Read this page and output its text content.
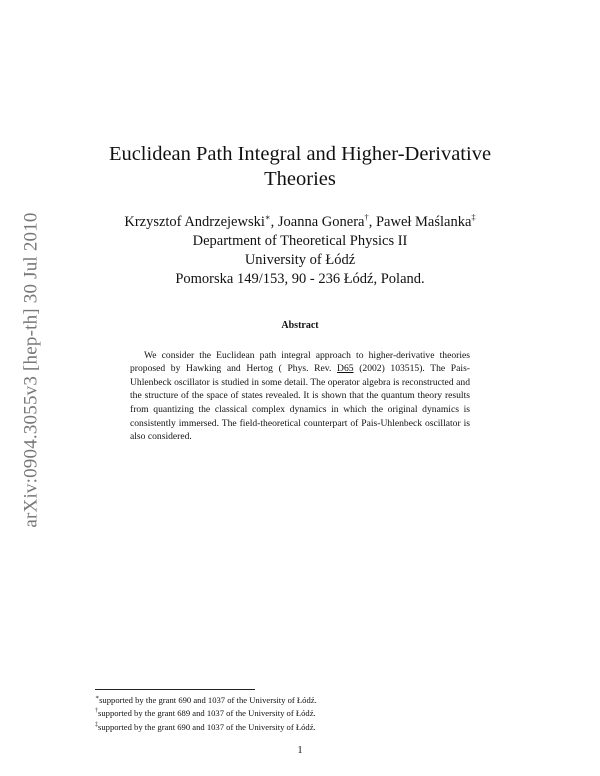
arXiv:0904.3055v3 [hep-th] 30 Jul 2010

Euclidean Path Integral and Higher-Derivative

Theories

Krzysztof Andrzejewski∗, Joanna Gonera†, Paweł Maślanka‡
Department of Theoretical Physics II
University of Łódź
Pomorska 149/153, 90 - 236 Łódź, Poland.
Abstract

We consider the Euclidean path integral approach to higher-derivative theories proposed by Hawking and Hertog ( Phys. Rev. D65 (2002) 103515). The Pais-Uhlenbeck oscillator is studied in some detail. The operator algebra is reconstructed and the structure of the space of states revealed. It is shown that the quantum theory results from quantizing the classical complex dynamics in which the original dynamics is consistently immersed. The field-theoretical counterpart of Pais-Uhlenbeck oscillator is also considered.

∗supported by the grant 690 and 1037 of the University of Łódź.
†supported by the grant 689 and 1037 of the University of Łódź.
‡supported by the grant 690 and 1037 of the University of Łódź.
1
